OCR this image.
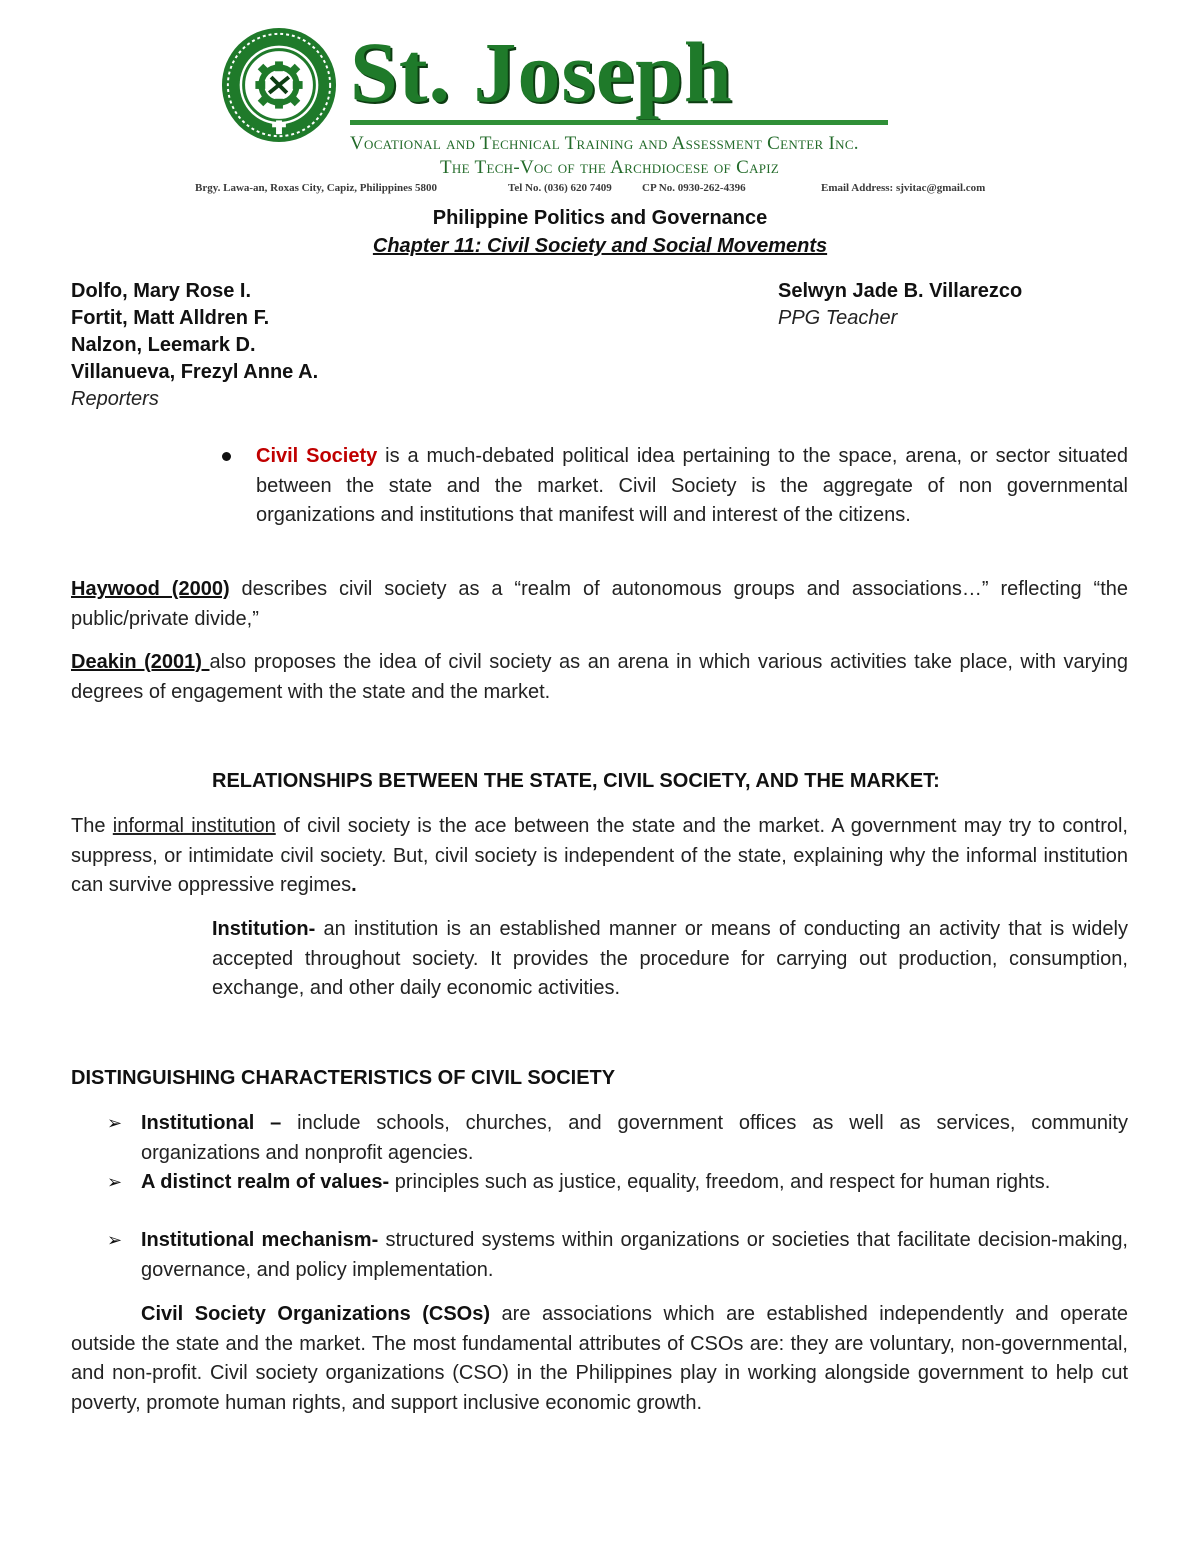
St. Joseph
Vocational and Technical Training and Assessment Center Inc.
The Tech-Voc of the Archdiocese of Capiz
Brgy. Lawa-an, Roxas City, Capiz, Philippines 5800	Tel No. (036) 620 7409	CP No. 0930-262-4396	Email Address: sjvitac@gmail.com
Philippine Politics and Governance
Chapter 11: Civil Society and Social Movements
Dolfo, Mary Rose I.
Fortit, Matt Alldren F.
Nalzon, Leemark D.
Villanueva, Frezyl Anne A.
Reporters
Selwyn Jade B. Villarezco
PPG Teacher
Civil Society is a much-debated political idea pertaining to the space, arena, or sector situated between the state and the market. Civil Society is the aggregate of non governmental organizations and institutions that manifest will and interest of the citizens.
Haywood (2000) describes civil society as a “realm of autonomous groups and associations…” reflecting “the public/private divide,”
Deakin (2001) also proposes the idea of civil society as an arena in which various activities take place, with varying degrees of engagement with the state and the market.
RELATIONSHIPS BETWEEN THE STATE, CIVIL SOCIETY, AND THE MARKET:
The informal institution of civil society is the ace between the state and the market. A government may try to control, suppress, or intimidate civil society. But, civil society is independent of the state, explaining why the informal institution can survive oppressive regimes.
Institution- an institution is an established manner or means of conducting an activity that is widely accepted throughout society. It provides the procedure for carrying out production, consumption, exchange, and other daily economic activities.
DISTINGUISHING CHARACTERISTICS OF CIVIL SOCIETY
➢ Institutional – include schools, churches, and government offices as well as services, community organizations and nonprofit agencies.
➢ A distinct realm of values- principles such as justice, equality, freedom, and respect for human rights.
➢ Institutional mechanism- structured systems within organizations or societies that facilitate decision-making, governance, and policy implementation.
Civil Society Organizations (CSOs) are associations which are established independently and operate outside the state and the market. The most fundamental attributes of CSOs are: they are voluntary, non-governmental, and non-profit. Civil society organizations (CSO) in the Philippines play in working alongside government to help cut poverty, promote human rights, and support inclusive economic growth.
